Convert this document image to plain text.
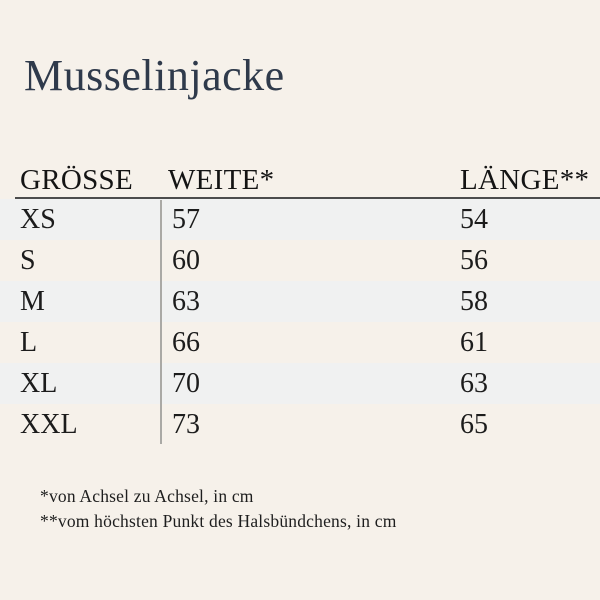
Musselinjacke
GRÖSSE	WEITE*	LÄNGE**
XS	57	54
S	60	56
M	63	58
L	66	61
XL	70	63
XXL	73	65
*von Achsel zu Achsel, in cm
**vom höchsten Punkt des Halsbündchens, in cm
